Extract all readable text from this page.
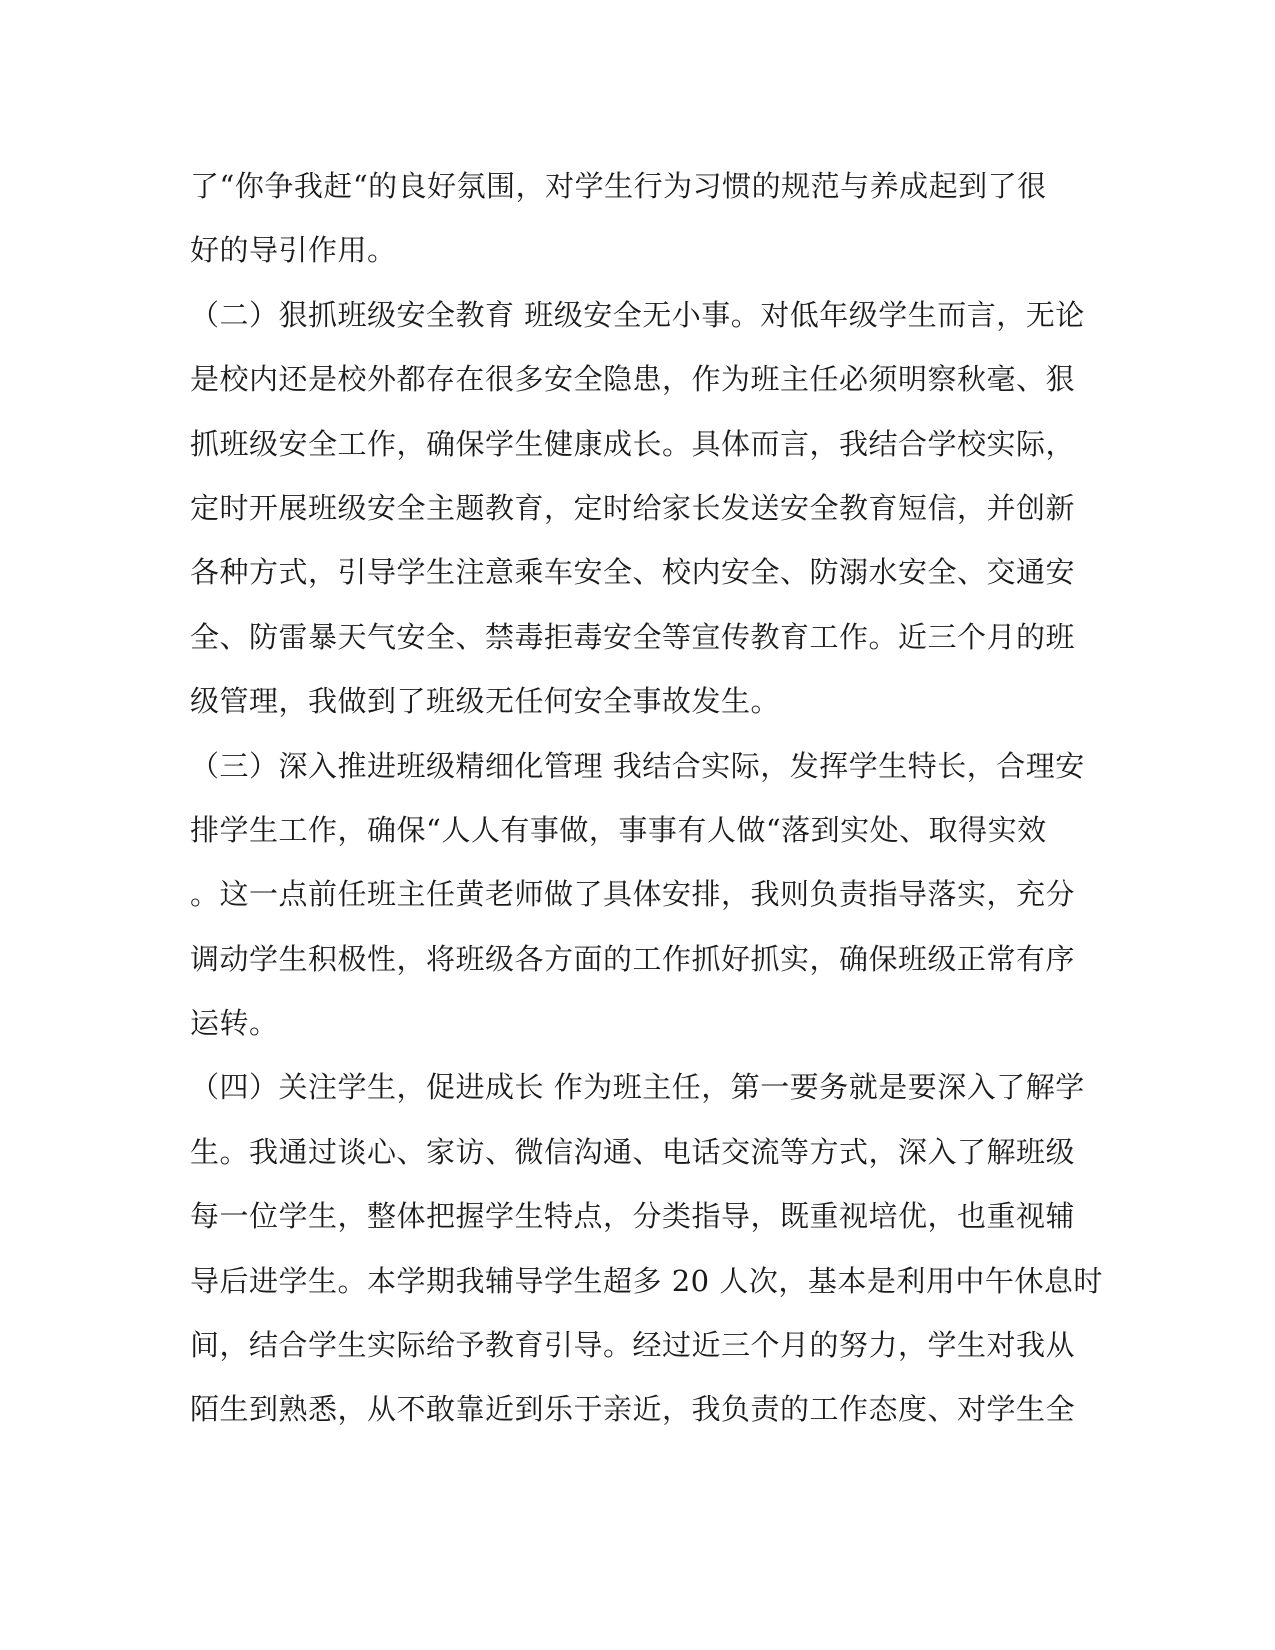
了“你争我赶“的良好氛围，对学生行为习惯的规范与养成起到了很
好的导引作用。
（二）狠抓班级安全教育 班级安全无小事。对低年级学生而言，无论
是校内还是校外都存在很多安全隐患，作为班主任必须明察秋毫、狠
抓班级安全工作，确保学生健康成长。具体而言，我结合学校实际，
定时开展班级安全主题教育，定时给家长发送安全教育短信，并创新
各种方式，引导学生注意乘车安全、校内安全、防溺水安全、交通安
全、防雷暴天气安全、禁毒拒毒安全等宣传教育工作。近三个月的班
级管理，我做到了班级无任何安全事故发生。
（三）深入推进班级精细化管理 我结合实际，发挥学生特长，合理安
排学生工作，确保“人人有事做，事事有人做“落到实处、取得实效
。这一点前任班主任黄老师做了具体安排，我则负责指导落实，充分
调动学生积极性，将班级各方面的工作抓好抓实，确保班级正常有序
运转。
（四）关注学生，促进成长 作为班主任，第一要务就是要深入了解学
生。我通过谈心、家访、微信沟通、电话交流等方式，深入了解班级
每一位学生，整体把握学生特点，分类指导，既重视培优，也重视辅
导后进学生。本学期我辅导学生超多 20 人次，基本是利用中午休息时
间，结合学生实际给予教育引导。经过近三个月的努力，学生对我从
陌生到熟悉，从不敢靠近到乐于亲近，我负责的工作态度、对学生全
